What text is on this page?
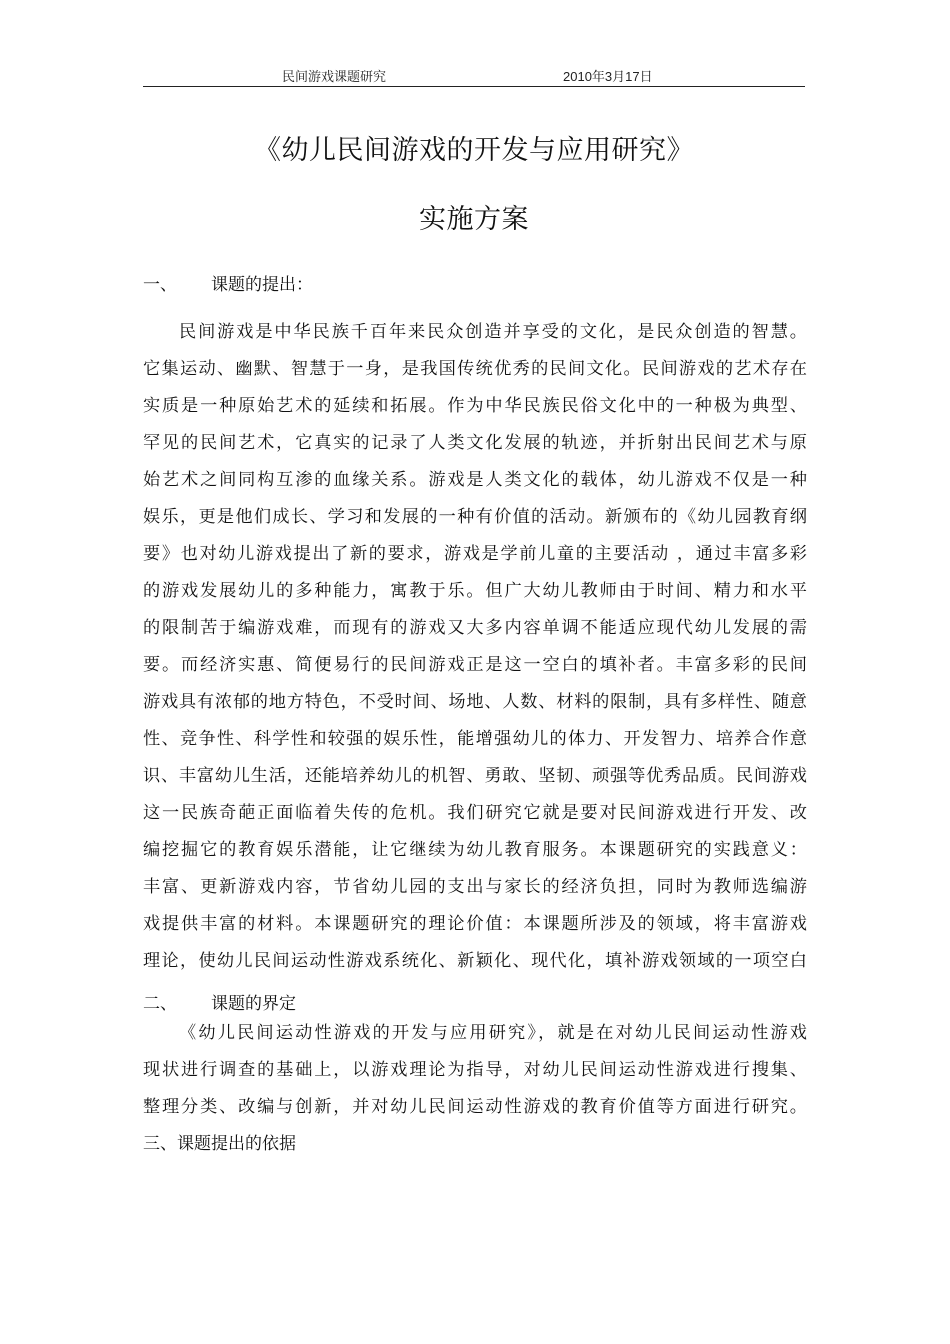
民间游戏课题研究	2010年3月17日
《幼儿民间游戏的开发与应用研究》
实施方案
一、 课题的提出：
民间游戏是中华民族千百年来民众创造并享受的文化，是民众创造的智慧。
它集运动、幽默、智慧于一身，是我国传统优秀的民间文化。民间游戏的艺术存在
实质是一种原始艺术的延续和拓展。作为中华民族民俗文化中的一种极为典型、
罕见的民间艺术，它真实的记录了人类文化发展的轨迹，并折射出民间艺术与原
始艺术之间同构互渗的血缘关系。游戏是人类文化的载体，幼儿游戏不仅是一种
娱乐，更是他们成长、学习和发展的一种有价值的活动。新颁布的《幼儿园教育纲
要》也对幼儿游戏提出了新的要求，游戏是学前儿童的主要活动 ，通过丰富多彩
的游戏发展幼儿的多种能力，寓教于乐。但广大幼儿教师由于时间、精力和水平
的限制苦于编游戏难，而现有的游戏又大多内容单调不能适应现代幼儿发展的需
要。而经济实惠、简便易行的民间游戏正是这一空白的填补者。丰富多彩的民间
游戏具有浓郁的地方特色，不受时间、场地、人数、材料的限制，具有多样性、随意
性、竞争性、科学性和较强的娱乐性，能增强幼儿的体力、开发智力、培养合作意
识、丰富幼儿生活，还能培养幼儿的机智、勇敢、坚韧、顽强等优秀品质。民间游戏
这一民族奇葩正面临着失传的危机。我们研究它就是要对民间游戏进行开发、改
编挖掘它的教育娱乐潜能，让它继续为幼儿教育服务。本课题研究的实践意义：
丰富、更新游戏内容，节省幼儿园的支出与家长的经济负担，同时为教师选编游
戏提供丰富的材料。本课题研究的理论价值：本课题所涉及的领域，将丰富游戏
理论，使幼儿民间运动性游戏系统化、新颖化、现代化，填补游戏领域的一项空白
二、 课题的界定
《幼儿民间运动性游戏的开发与应用研究》，就是在对幼儿民间运动性游戏
现状进行调查的基础上，以游戏理论为指导，对幼儿民间运动性游戏进行搜集、
整理分类、改编与创新，并对幼儿民间运动性游戏的教育价值等方面进行研究。
三、课题提出的依据
